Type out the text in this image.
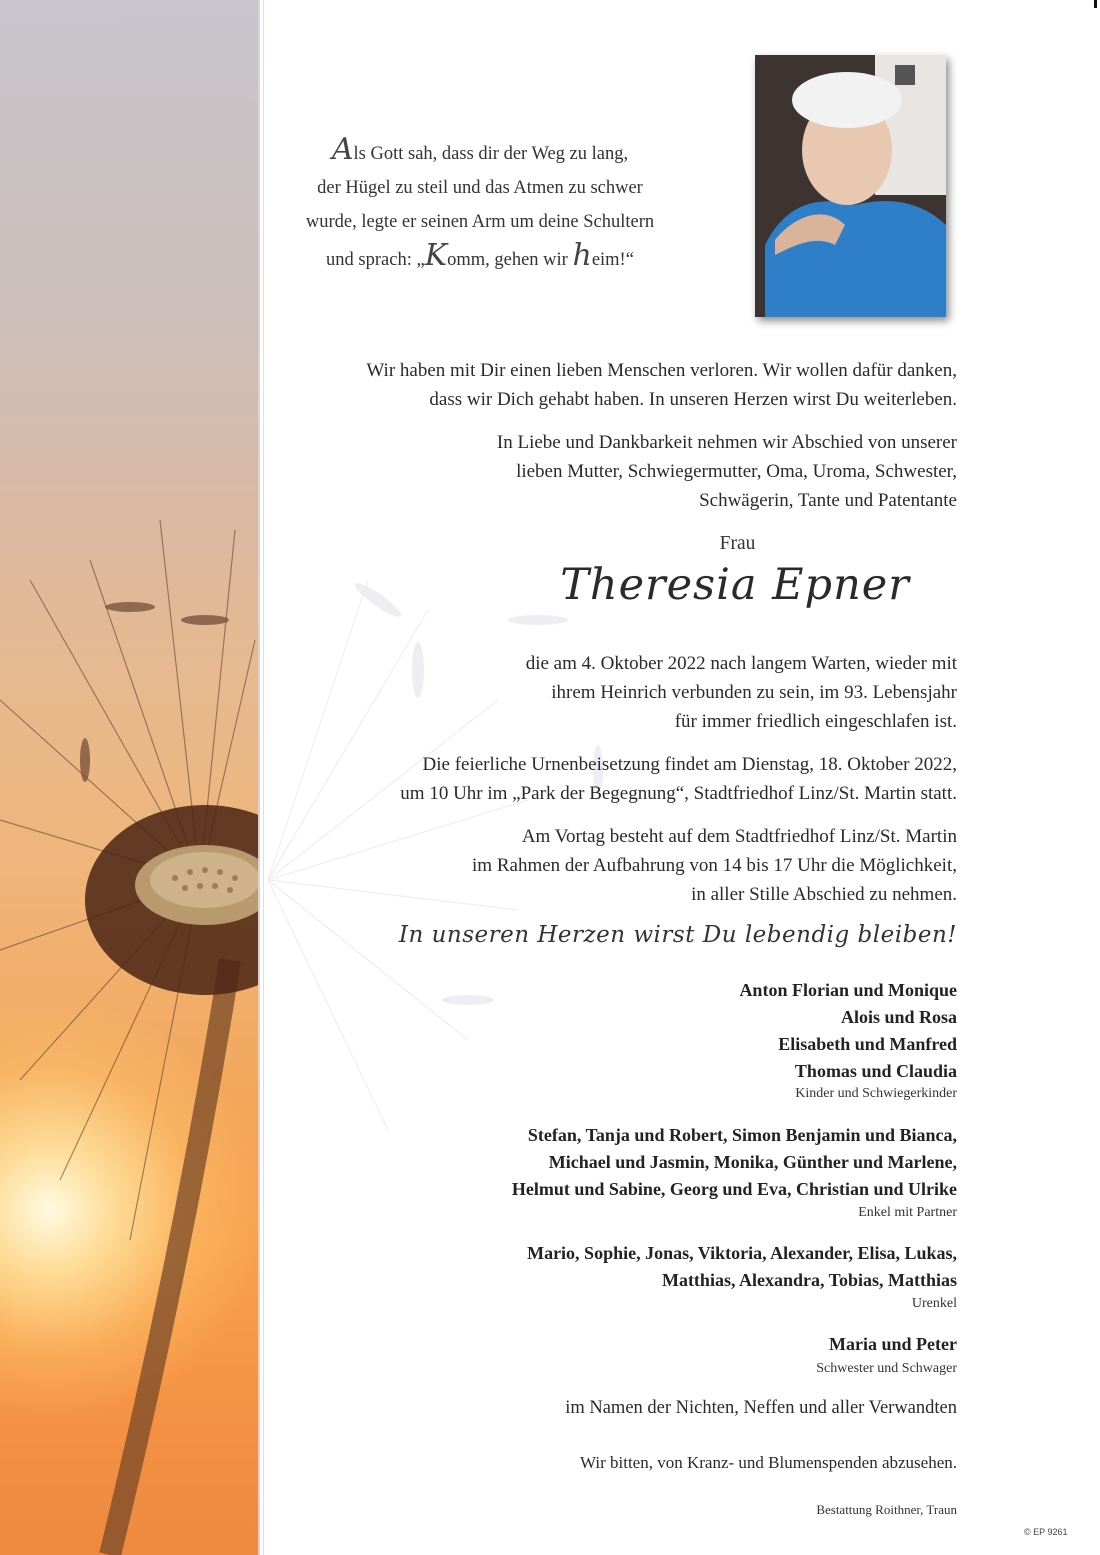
Als Gott sah, dass dir der Weg zu lang,
der Hügel zu steil und das Atmen zu schwer
wurde, legte er seinen Arm um deine Schultern
und sprach: „Komm, gehen wir heim!“
Wir haben mit Dir einen lieben Menschen verloren. Wir wollen dafür danken,
dass wir Dich gehabt haben. In unseren Herzen wirst Du weiterleben.
In Liebe und Dankbarkeit nehmen wir Abschied von unserer
lieben Mutter, Schwiegermutter, Oma, Uroma, Schwester,
Schwägerin, Tante und Patentante
Frau
Theresia Epner
die am 4. Oktober 2022 nach langem Warten, wieder mit
ihrem Heinrich verbunden zu sein, im 93. Lebensjahr
für immer friedlich eingeschlafen ist.
Die feierliche Urnenbeisetzung findet am Dienstag, 18. Oktober 2022,
um 10 Uhr im „Park der Begegnung“, Stadtfriedhof Linz/St. Martin statt.
Am Vortag besteht auf dem Stadtfriedhof Linz/St. Martin
im Rahmen der Aufbahrung von 14 bis 17 Uhr die Möglichkeit,
in aller Stille Abschied zu nehmen.
In unseren Herzen wirst Du lebendig bleiben!
Anton Florian und Monique
Alois und Rosa
Elisabeth und Manfred
Thomas und Claudia
Kinder und Schwiegerkinder
Stefan, Tanja und Robert, Simon Benjamin und Bianca,
Michael und Jasmin, Monika, Günther und Marlene,
Helmut und Sabine, Georg und Eva, Christian und Ulrike
Enkel mit Partner
Mario, Sophie, Jonas, Viktoria, Alexander, Elisa, Lukas,
Matthias, Alexandra, Tobias, Matthias
Urenkel
Maria und Peter
Schwester und Schwager
im Namen der Nichten, Neffen und aller Verwandten
Wir bitten, von Kranz- und Blumenspenden abzusehen.
Bestattung Roithner, Traun
© EP 9261
